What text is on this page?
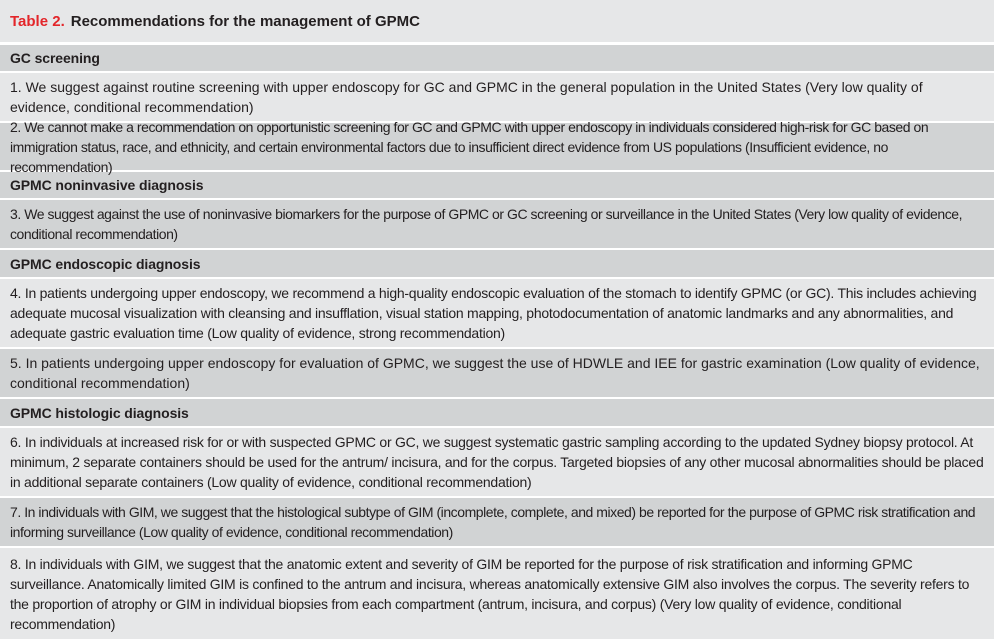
Table 2. Recommendations for the management of GPMC
GC screening
1. We suggest against routine screening with upper endoscopy for GC and GPMC in the general population in the United States (Very low quality of evidence, conditional recommendation)
2. We cannot make a recommendation on opportunistic screening for GC and GPMC with upper endoscopy in individuals considered high-risk for GC based on immigration status, race, and ethnicity, and certain environmental factors due to insufficient direct evidence from US populations (Insufficient evidence, no recommendation)
GPMC noninvasive diagnosis
3. We suggest against the use of noninvasive biomarkers for the purpose of GPMC or GC screening or surveillance in the United States (Very low quality of evidence, conditional recommendation)
GPMC endoscopic diagnosis
4. In patients undergoing upper endoscopy, we recommend a high-quality endoscopic evaluation of the stomach to identify GPMC (or GC). This includes achieving adequate mucosal visualization with cleansing and insufflation, visual station mapping, photodocumentation of anatomic landmarks and any abnormalities, and adequate gastric evaluation time (Low quality of evidence, strong recommendation)
5. In patients undergoing upper endoscopy for evaluation of GPMC, we suggest the use of HDWLE and IEE for gastric examination (Low quality of evidence, conditional recommendation)
GPMC histologic diagnosis
6. In individuals at increased risk for or with suspected GPMC or GC, we suggest systematic gastric sampling according to the updated Sydney biopsy protocol. At minimum, 2 separate containers should be used for the antrum/ incisura, and for the corpus. Targeted biopsies of any other mucosal abnormalities should be placed in additional separate containers (Low quality of evidence, conditional recommendation)
7. In individuals with GIM, we suggest that the histological subtype of GIM (incomplete, complete, and mixed) be reported for the purpose of GPMC risk stratification and informing surveillance (Low quality of evidence, conditional recommendation)
8. In individuals with GIM, we suggest that the anatomic extent and severity of GIM be reported for the purpose of risk stratification and informing GPMC surveillance. Anatomically limited GIM is confined to the antrum and incisura, whereas anatomically extensive GIM also involves the corpus. The severity refers to the proportion of atrophy or GIM in individual biopsies from each compartment (antrum, incisura, and corpus) (Very low quality of evidence, conditional recommendation)
